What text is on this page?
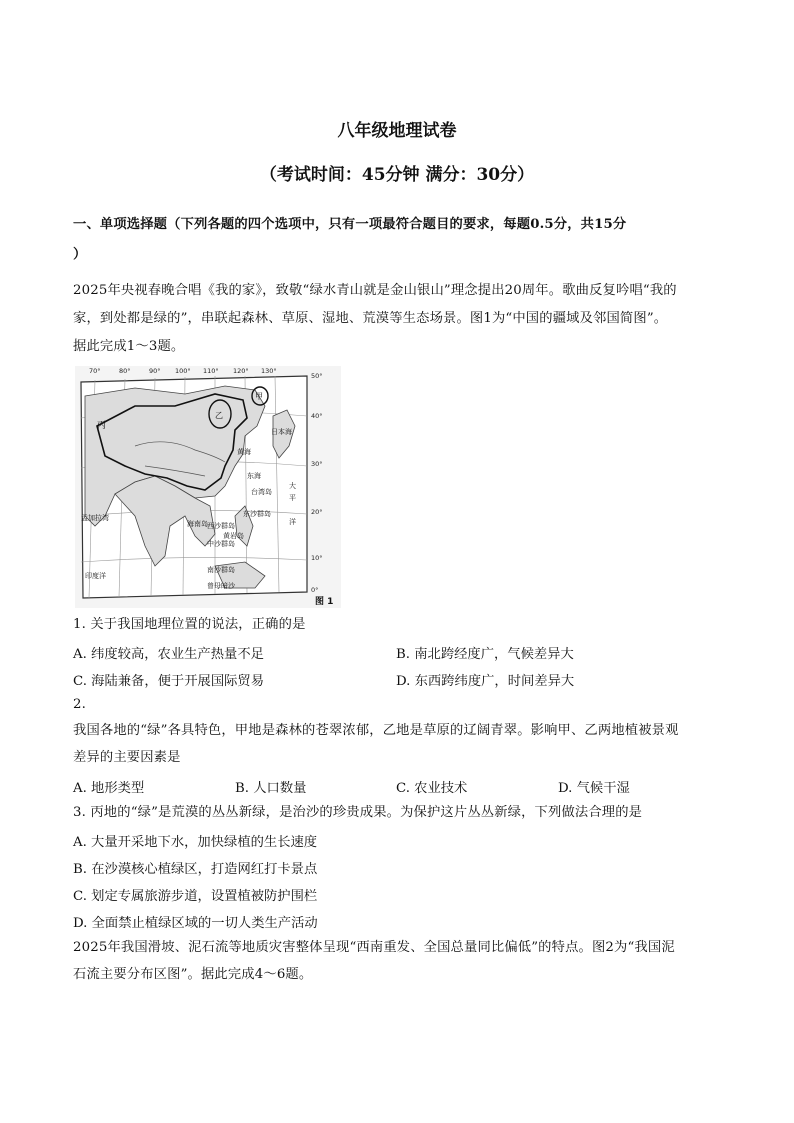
八年级地理试卷
（考试时间：45分钟 满分：30分）
一、单项选择题（下列各题的四个选项中，只有一项最符合题目的要求，每题0.5分，共15分
）
2025年央视春晚合唱《我的家》，致敬“绿水青山就是金山银山”理念提出20周年。歌曲反复吟唱“我的
家，到处都是绿的”，串联起森林、草原、湿地、荒漠等生态场景。图1为“中国的疆域及邻国简图”。
据此完成1～3题。
70°	80°	90° 100° 110° 120° 130°
50°
40°
30°
20°
10°
0°
丙
甲
乙
日本海
黄海
东海
大
平
洋
孟加拉湾
印度洋
海南岛 西沙群岛
黄岩岛
中沙群岛
东沙群岛
南沙群岛
曾母暗沙
台湾岛
图 1
1. 关于我国地理位置的说法，正确的是
A. 纬度较高，农业生产热量不足	B. 南北跨经度广，气候差异大
C. 海陆兼备，便于开展国际贸易	D. 东西跨纬度广，时间差异大
2.
我国各地的“绿”各具特色，甲地是森林的苍翠浓郁，乙地是草原的辽阔青翠。影响甲、乙两地植被景观
差异的主要因素是
A. 地形类型	B. 人口数量	C. 农业技术	D. 气候干湿
3. 丙地的“绿”是荒漠的丛丛新绿，是治沙的珍贵成果。为保护这片丛丛新绿，下列做法合理的是
A. 大量开采地下水，加快绿植的生长速度
B. 在沙漠核心植绿区，打造网红打卡景点
C. 划定专属旅游步道，设置植被防护围栏
D. 全面禁止植绿区域的一切人类生产活动
2025年我国滑坡、泥石流等地质灾害整体呈现“西南重发、全国总量同比偏低”的特点。图2为“我国泥
石流主要分布区图”。据此完成4～6题。
